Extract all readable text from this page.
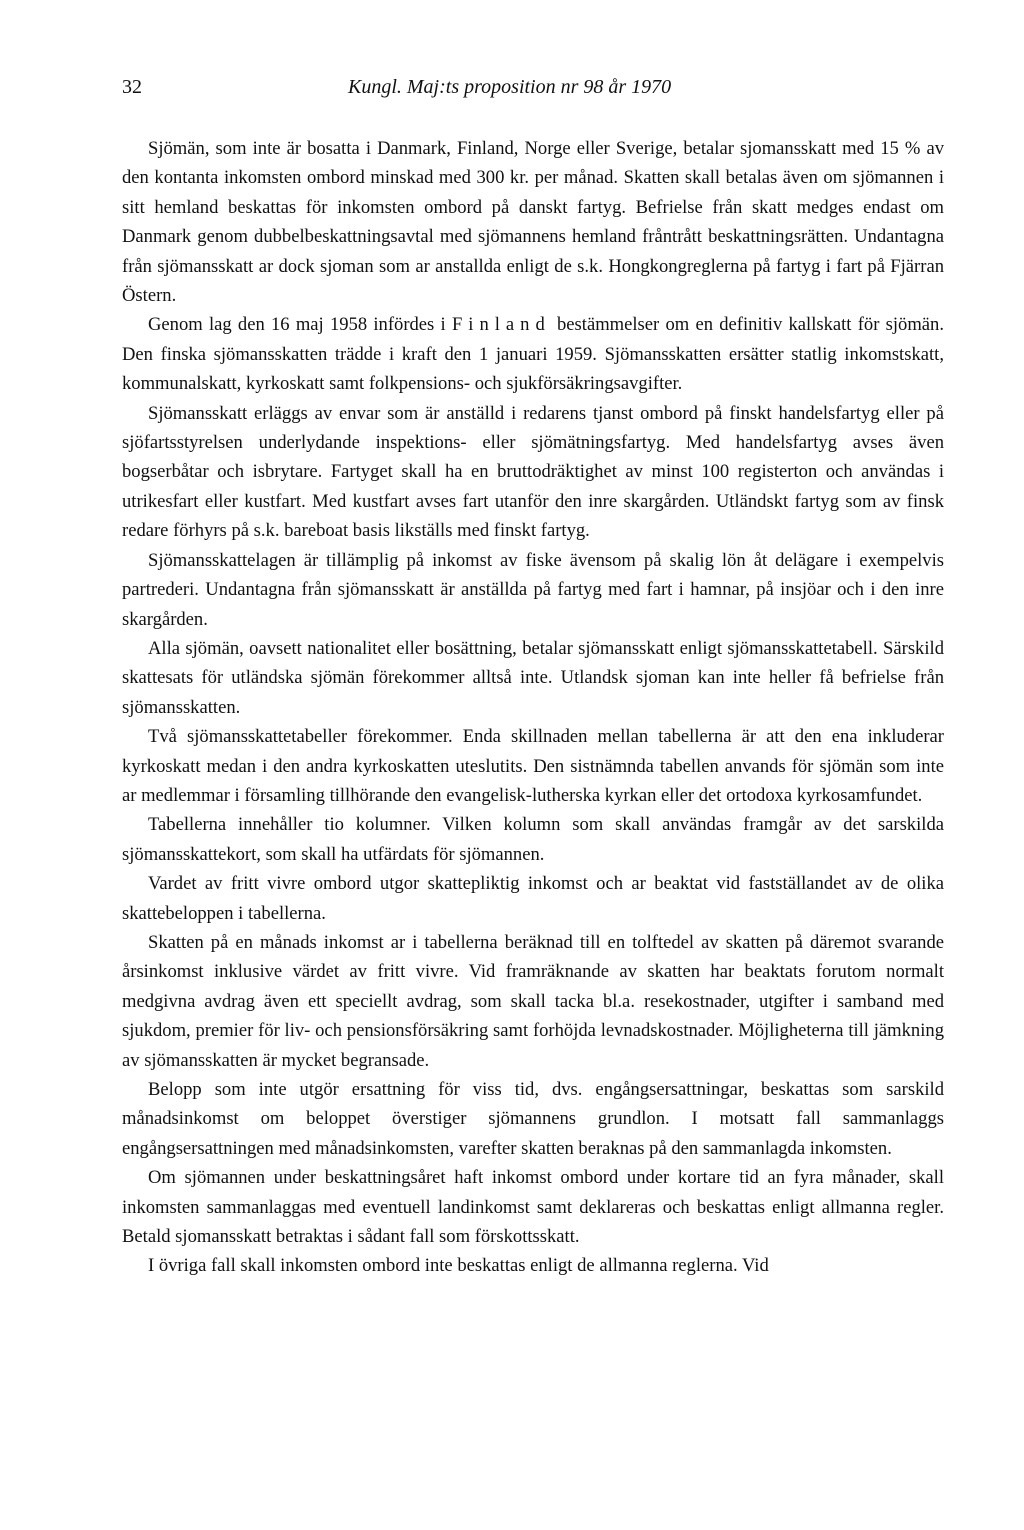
32	Kungl. Maj:ts proposition nr 98 år 1970

Sjömän, som inte är bosatta i Danmark, Finland, Norge eller Sverige, betalar sjomansskatt med 15 % av den kontanta inkomsten ombord minskad med 300 kr. per månad. Skatten skall betalas även om sjömannen i sitt hemland beskattas för inkomsten ombord på danskt fartyg. Befrielse från skatt medges endast om Danmark genom dubbelbeskattningsavtal med sjömannens hemland fråntrått beskattningsrätten. Undantagna från sjömansskatt ar dock sjoman som ar anstallda enligt de s.k. Hongkongreglerna på fartyg i fart på Fjärran Östern.

Genom lag den 16 maj 1958 infördes i Finland bestämmelser om en definitiv kallskatt för sjömän. Den finska sjömansskatten trädde i kraft den 1 januari 1959. Sjömansskatten ersätter statlig inkomstskatt, kommunalskatt, kyrkoskatt samt folkpensions- och sjukförsäkringsavgifter.

Sjömansskatt erläggs av envar som är anställd i redarens tjanst ombord på finskt handelsfartyg eller på sjöfartsstyrelsen underlydande inspektions- eller sjömätningsfartyg. Med handelsfartyg avses även bogserbåtar och isbrytare. Fartyget skall ha en bruttodräktighet av minst 100 registerton och användas i utrikesfart eller kustfart. Med kustfart avses fart utanför den inre skargården. Utländskt fartyg som av finsk redare förhyrs på s.k. bareboat basis likställs med finskt fartyg.

Sjömansskattelagen är tillämplig på inkomst av fiske ävensom på skalig lön åt delägare i exempelvis partrederi. Undantagna från sjömansskatt är anställda på fartyg med fart i hamnar, på insjöar och i den inre skargården.

Alla sjömän, oavsett nationalitet eller bosättning, betalar sjömansskatt enligt sjömansskattetabell. Särskild skattesats för utländska sjömän förekommer alltså inte. Utlandsk sjoman kan inte heller få befrielse från sjömansskatten.

Två sjömansskattetabeller förekommer. Enda skillnaden mellan tabellerna är att den ena inkluderar kyrkoskatt medan i den andra kyrkoskatten uteslutits. Den sistnämnda tabellen anvands för sjömän som inte ar medlemmar i församling tillhörande den evangelisk-lutherska kyrkan eller det ortodoxa kyrkosamfundet.

Tabellerna innehåller tio kolumner. Vilken kolumn som skall användas framgår av det sarskilda sjömansskattekort, som skall ha utfärdats för sjömannen.

Vardet av fritt vivre ombord utgor skattepliktig inkomst och ar beaktat vid fastställandet av de olika skattebeloppen i tabellerna.

Skatten på en månads inkomst ar i tabellerna beräknad till en tolftedel av skatten på däremot svarande årsinkomst inklusive värdet av fritt vivre. Vid framräknande av skatten har beaktats forutom normalt medgivna avdrag även ett speciellt avdrag, som skall tacka bl.a. resekostnader, utgifter i samband med sjukdom, premier för liv- och pensionsförsäkring samt forhöjda levnadskostnader. Möjligheterna till jämkning av sjömansskatten är mycket begransade.

Belopp som inte utgör ersattning för viss tid, dvs. engångsersattningar, beskattas som sarskild månadsinkomst om beloppet överstiger sjömannens grundlon. I motsatt fall sammanlaggs engångsersattningen med månadsinkomsten, varefter skatten beraknas på den sammanlagda inkomsten.

Om sjömannen under beskattningsåret haft inkomst ombord under kortare tid an fyra månader, skall inkomsten sammanlaggas med eventuell landinkomst samt deklareras och beskattas enligt allmanna regler. Betald sjomansskatt betraktas i sådant fall som förskottsskatt.

I övriga fall skall inkomsten ombord inte beskattas enligt de allmanna reglerna. Vid
